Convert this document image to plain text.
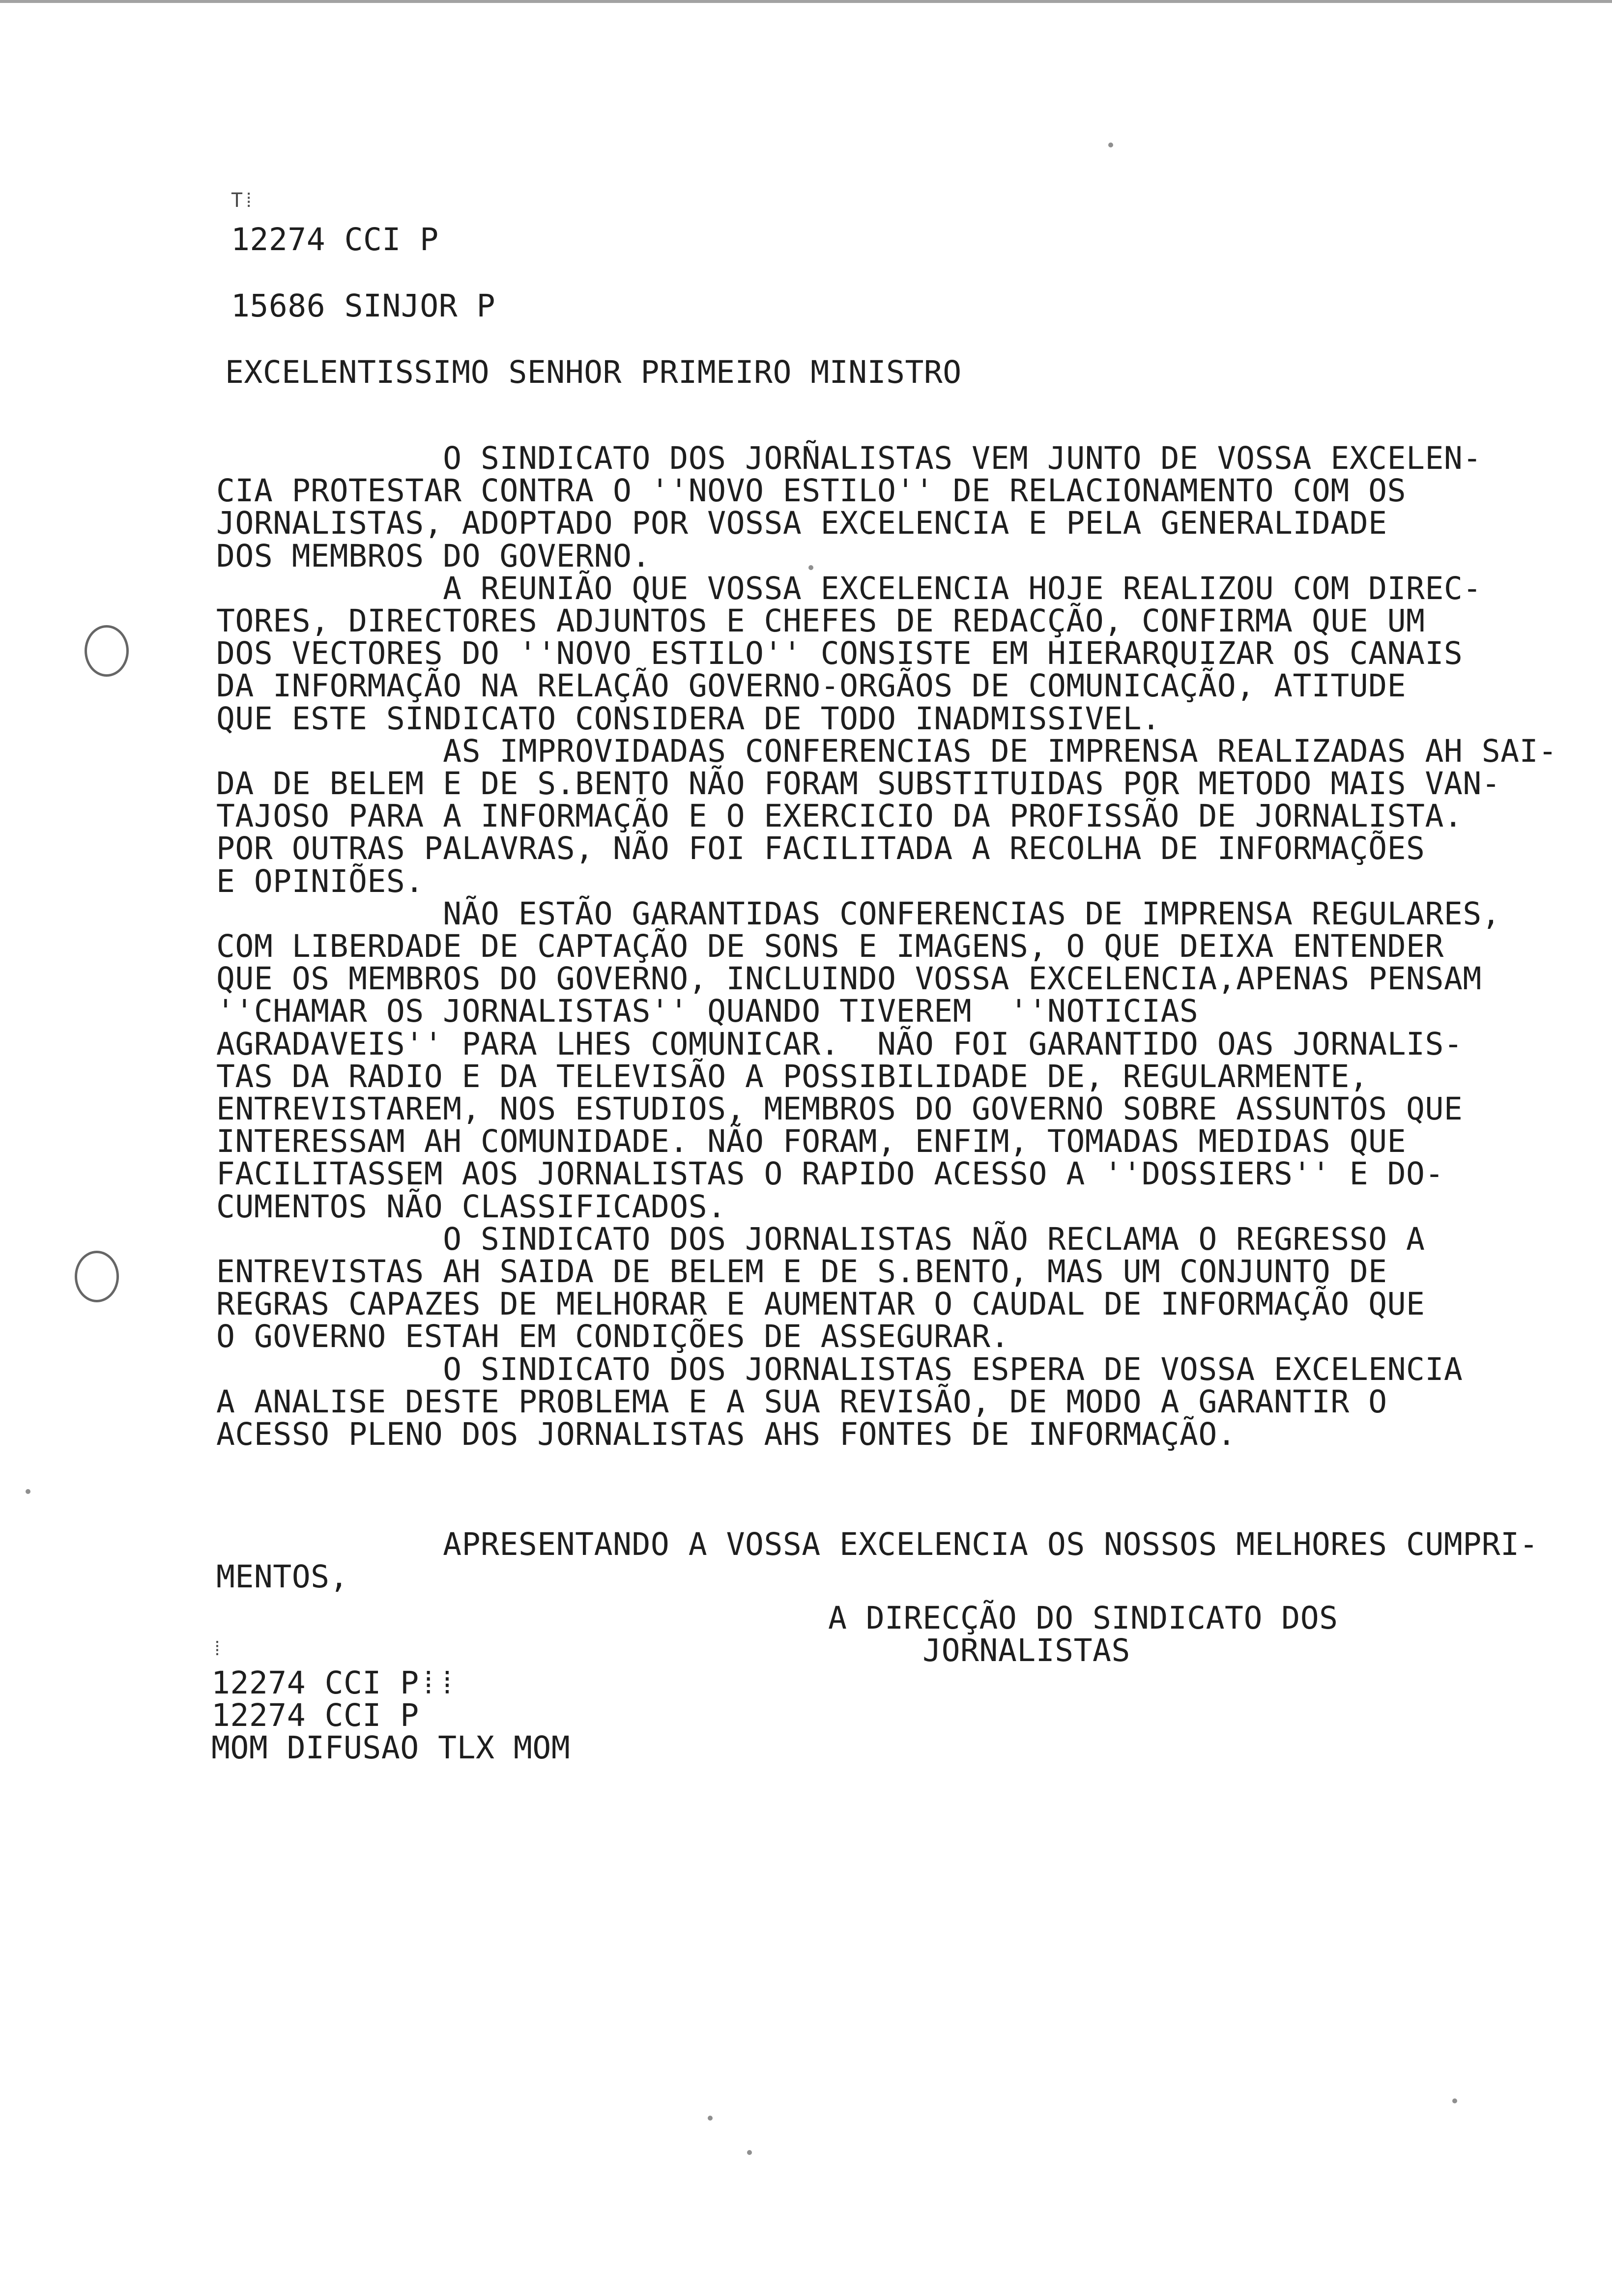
T⁞
12274 CCI P
15686 SINJOR P
EXCELENTISSIMO SENHOR PRIMEIRO MINISTRO
O SINDICATO DOS JORÑALISTAS VEM JUNTO DE VOSSA EXCELEN-
CIA PROTESTAR CONTRA O ''NOVO ESTILO'' DE RELACIONAMENTO COM OS
JORNALISTAS, ADOPTADO POR VOSSA EXCELENCIA E PELA GENERALIDADE
DOS MEMBROS DO GOVERNO.
A REUNIÃO QUE VOSSA EXCELENCIA HOJE REALIZOU COM DIREC-
TORES, DIRECTORES ADJUNTOS E CHEFES DE REDACÇÃO, CONFIRMA QUE UM
DOS VECTORES DO ''NOVO ESTILO'' CONSISTE EM HIERARQUIZAR OS CANAIS
DA INFORMAÇÃO NA RELAÇÃO GOVERNO-ORGÃOS DE COMUNICAÇÃO, ATITUDE
QUE ESTE SINDICATO CONSIDERA DE TODO INADMISSIVEL.
AS IMPROVIDADAS CONFERENCIAS DE IMPRENSA REALIZADAS AH SAI-
DA DE BELEM E DE S.BENTO NÃO FORAM SUBSTITUIDAS POR METODO MAIS VAN-
TAJOSO PARA A INFORMAÇÃO E O EXERCICIO DA PROFISSÃO DE JORNALISTA.
POR OUTRAS PALAVRAS, NÃO FOI FACILITADA A RECOLHA DE INFORMAÇÕES
E OPINIÕES.
NÃO ESTÃO GARANTIDAS CONFERENCIAS DE IMPRENSA REGULARES,
COM LIBERDADE DE CAPTAÇÃO DE SONS E IMAGENS, O QUE DEIXA ENTENDER
QUE OS MEMBROS DO GOVERNO, INCLUINDO VOSSA EXCELENCIA,APENAS PENSAM
''CHAMAR OS JORNALISTAS'' QUANDO TIVEREM  ''NOTICIAS
AGRADAVEIS'' PARA LHES COMUNICAR.  NÃO FOI GARANTIDO OAS JORNALIS-
TAS DA RADIO E DA TELEVISÃO A POSSIBILIDADE DE, REGULARMENTE,
ENTREVISTAREM, NOS ESTUDIOS, MEMBROS DO GOVERNO SOBRE ASSUNTOS QUE
INTERESSAM AH COMUNIDADE. NÃO FORAM, ENFIM, TOMADAS MEDIDAS QUE
FACILITASSEM AOS JORNALISTAS O RAPIDO ACESSO A ''DOSSIERS'' E DO-
CUMENTOS NÃO CLASSIFICADOS.
O SINDICATO DOS JORNALISTAS NÃO RECLAMA O REGRESSO A
ENTREVISTAS AH SAIDA DE BELEM E DE S.BENTO, MAS UM CONJUNTO DE
REGRAS CAPAZES DE MELHORAR E AUMENTAR O CAUDAL DE INFORMAÇÃO QUE
O GOVERNO ESTAH EM CONDIÇÕES DE ASSEGURAR.
O SINDICATO DOS JORNALISTAS ESPERA DE VOSSA EXCELENCIA
A ANALISE DESTE PROBLEMA E A SUA REVISÃO, DE MODO A GARANTIR O
ACESSO PLENO DOS JORNALISTAS AHS FONTES DE INFORMAÇÃO.
APRESENTANDO A VOSSA EXCELENCIA OS NOSSOS MELHORES CUMPRI-
MENTOS,
A DIRECÇÃO DO SINDICATO DOS
JORNALISTAS
⁞
12274 CCI P⁞⁞
12274 CCI P
MOM DIFUSAO TLX MOM
